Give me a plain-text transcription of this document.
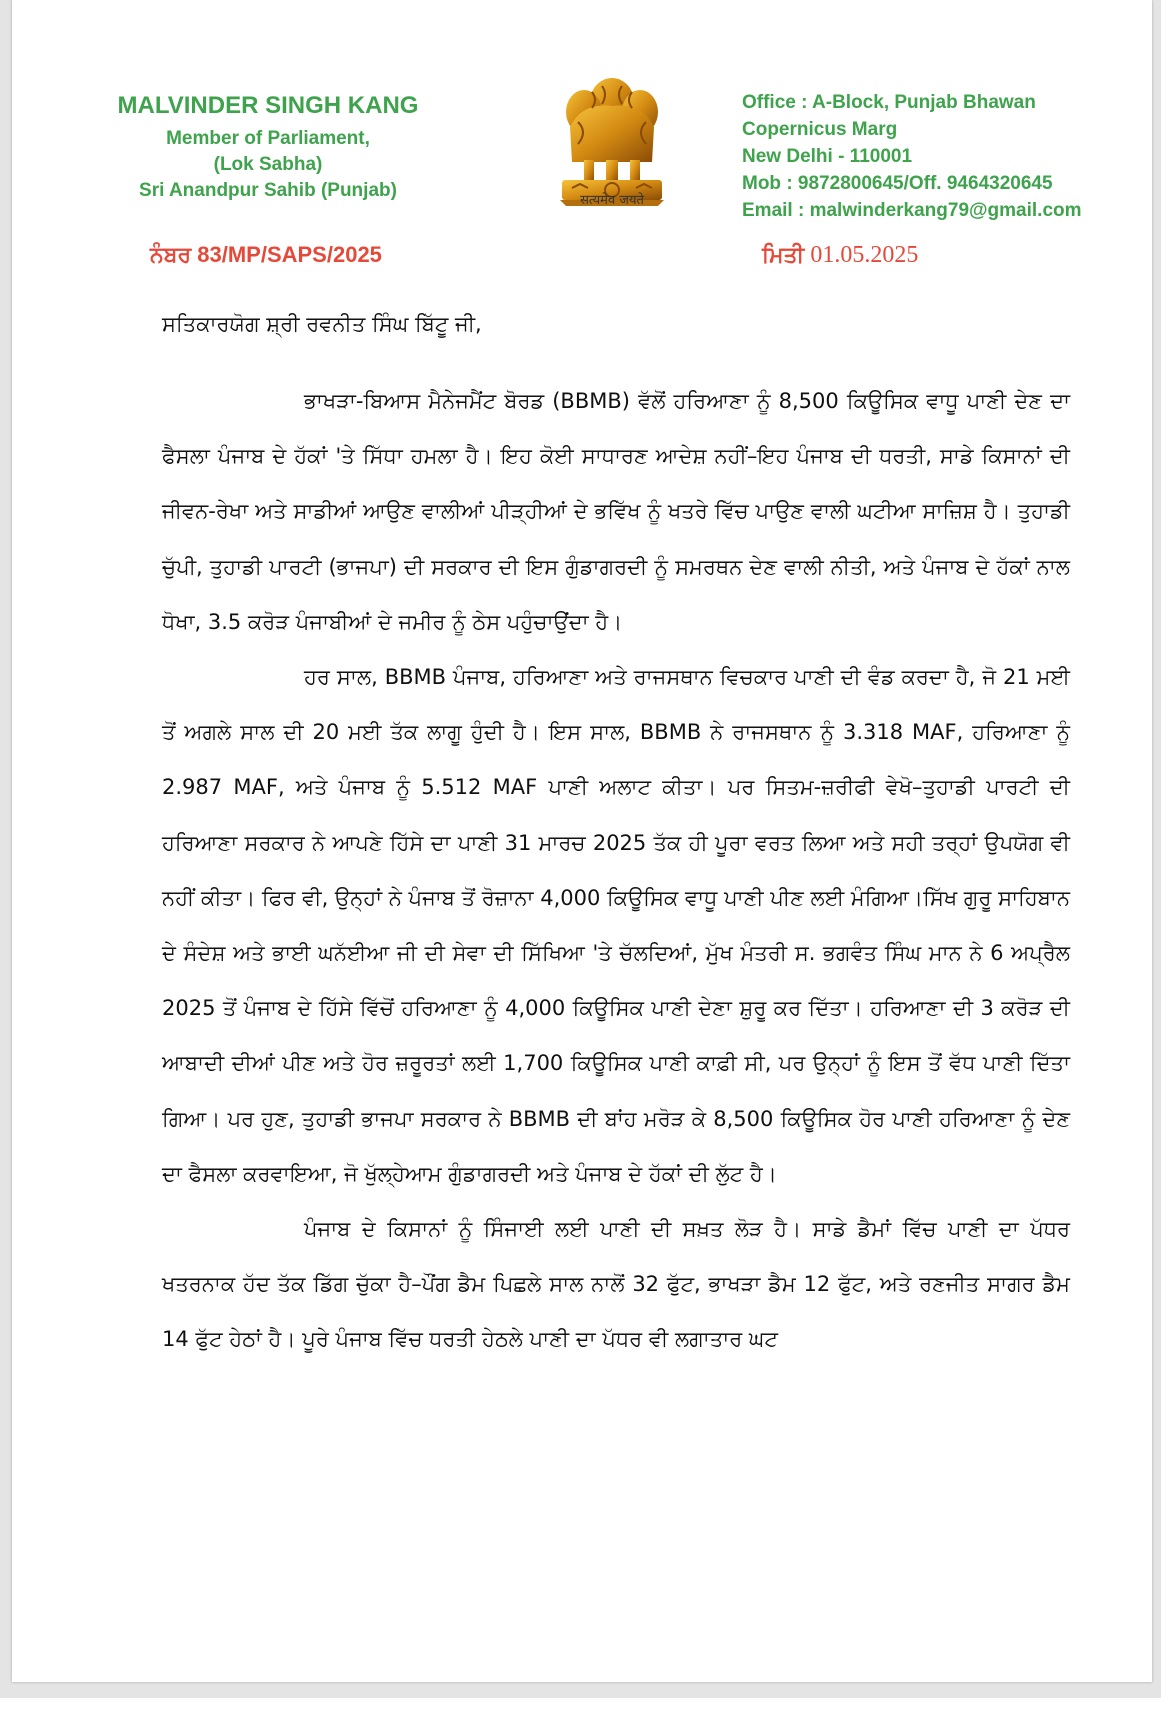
MALVINDER SINGH KANG
Member of Parliament,
(Lok Sabha)
Sri Anandpur Sahib (Punjab)	सत्यमेव जयते
Office : A-Block, Punjab Bhawan
Copernicus Marg
New Delhi - 110001
Mob : 9872800645/Off. 9464320645
Email : malwinderkang79@gmail.com
ਨੰਬਰ 83/MP/SAPS/2025	ਮਿਤੀ 01.05.2025
ਸਤਿਕਾਰਯੋਗ ਸ਼੍ਰੀ ਰਵਨੀਤ ਸਿੰਘ ਬਿੱਟੂ ਜੀ,

ਭਾਖੜਾ-ਬਿਆਸ ਮੈਨੇਜਮੈਂਟ ਬੋਰਡ (BBMB) ਵੱਲੋਂ ਹਰਿਆਣਾ ਨੂੰ 8,500 ਕਿਊਸਿਕ ਵਾਧੂ ਪਾਣੀ ਦੇਣ ਦਾ ਫੈਸਲਾ ਪੰਜਾਬ ਦੇ ਹੱਕਾਂ 'ਤੇ ਸਿੱਧਾ ਹਮਲਾ ਹੈ। ਇਹ ਕੋਈ ਸਾਧਾਰਣ ਆਦੇਸ਼ ਨਹੀਂ–ਇਹ ਪੰਜਾਬ ਦੀ ਧਰਤੀ, ਸਾਡੇ ਕਿਸਾਨਾਂ ਦੀ ਜੀਵਨ-ਰੇਖਾ ਅਤੇ ਸਾਡੀਆਂ ਆਉਣ ਵਾਲੀਆਂ ਪੀੜ੍ਹੀਆਂ ਦੇ ਭਵਿੱਖ ਨੂੰ ਖਤਰੇ ਵਿੱਚ ਪਾਉਣ ਵਾਲੀ ਘਟੀਆ ਸਾਜ਼ਿਸ਼ ਹੈ। ਤੁਹਾਡੀ ਚੁੱਪੀ, ਤੁਹਾਡੀ ਪਾਰਟੀ (ਭਾਜਪਾ) ਦੀ ਸਰਕਾਰ ਦੀ ਇਸ ਗੁੰਡਾਗਰਦੀ ਨੂੰ ਸਮਰਥਨ ਦੇਣ ਵਾਲੀ ਨੀਤੀ, ਅਤੇ ਪੰਜਾਬ ਦੇ ਹੱਕਾਂ ਨਾਲ ਧੋਖਾ, 3.5 ਕਰੋੜ ਪੰਜਾਬੀਆਂ ਦੇ ਜਮੀਰ ਨੂੰ ਠੇਸ ਪਹੁੰਚਾਉਂਦਾ ਹੈ।

ਹਰ ਸਾਲ, BBMB ਪੰਜਾਬ, ਹਰਿਆਣਾ ਅਤੇ ਰਾਜਸਥਾਨ ਵਿਚਕਾਰ ਪਾਣੀ ਦੀ ਵੰਡ ਕਰਦਾ ਹੈ, ਜੋ 21 ਮਈ ਤੋਂ ਅਗਲੇ ਸਾਲ ਦੀ 20 ਮਈ ਤੱਕ ਲਾਗੂ ਹੁੰਦੀ ਹੈ। ਇਸ ਸਾਲ, BBMB ਨੇ ਰਾਜਸਥਾਨ ਨੂੰ 3.318 MAF, ਹਰਿਆਣਾ ਨੂੰ 2.987 MAF, ਅਤੇ ਪੰਜਾਬ ਨੂੰ 5.512 MAF ਪਾਣੀ ਅਲਾਟ ਕੀਤਾ। ਪਰ ਸਿਤਮ-ਜ਼ਰੀਫੀ ਵੇਖੋ–ਤੁਹਾਡੀ ਪਾਰਟੀ ਦੀ ਹਰਿਆਣਾ ਸਰਕਾਰ ਨੇ ਆਪਣੇ ਹਿੱਸੇ ਦਾ ਪਾਣੀ 31 ਮਾਰਚ 2025 ਤੱਕ ਹੀ ਪੂਰਾ ਵਰਤ ਲਿਆ ਅਤੇ ਸਹੀ ਤਰ੍ਹਾਂ ਉਪਯੋਗ ਵੀ ਨਹੀਂ ਕੀਤਾ। ਫਿਰ ਵੀ, ਉਨ੍ਹਾਂ ਨੇ ਪੰਜਾਬ ਤੋਂ ਰੋਜ਼ਾਨਾ 4,000 ਕਿਊਸਿਕ ਵਾਧੂ ਪਾਣੀ ਪੀਣ ਲਈ ਮੰਗਿਆ।ਸਿੱਖ ਗੁਰੂ ਸਾਹਿਬਾਨ ਦੇ ਸੰਦੇਸ਼ ਅਤੇ ਭਾਈ ਘਨੱਈਆ ਜੀ ਦੀ ਸੇਵਾ ਦੀ ਸਿੱਖਿਆ 'ਤੇ ਚੱਲਦਿਆਂ, ਮੁੱਖ ਮੰਤਰੀ ਸ. ਭਗਵੰਤ ਸਿੰਘ ਮਾਨ ਨੇ 6 ਅਪ੍ਰੈਲ 2025 ਤੋਂ ਪੰਜਾਬ ਦੇ ਹਿੱਸੇ ਵਿੱਚੋਂ ਹਰਿਆਣਾ ਨੂੰ 4,000 ਕਿਊਸਿਕ ਪਾਣੀ ਦੇਣਾ ਸ਼ੁਰੂ ਕਰ ਦਿੱਤਾ। ਹਰਿਆਣਾ ਦੀ 3 ਕਰੋੜ ਦੀ ਆਬਾਦੀ ਦੀਆਂ ਪੀਣ ਅਤੇ ਹੋਰ ਜ਼ਰੂਰਤਾਂ ਲਈ 1,700 ਕਿਊਸਿਕ ਪਾਣੀ ਕਾਫ਼ੀ ਸੀ, ਪਰ ਉਨ੍ਹਾਂ ਨੂੰ ਇਸ ਤੋਂ ਵੱਧ ਪਾਣੀ ਦਿੱਤਾ ਗਿਆ। ਪਰ ਹੁਣ, ਤੁਹਾਡੀ ਭਾਜਪਾ ਸਰਕਾਰ ਨੇ BBMB ਦੀ ਬਾਂਹ ਮਰੋੜ ਕੇ 8,500 ਕਿਊਸਿਕ ਹੋਰ ਪਾਣੀ ਹਰਿਆਣਾ ਨੂੰ ਦੇਣ ਦਾ ਫੈਸਲਾ ਕਰਵਾਇਆ, ਜੋ ਖੁੱਲ੍ਹੇਆਮ ਗੁੰਡਾਗਰਦੀ ਅਤੇ ਪੰਜਾਬ ਦੇ ਹੱਕਾਂ ਦੀ ਲੁੱਟ ਹੈ।

ਪੰਜਾਬ ਦੇ ਕਿਸਾਨਾਂ ਨੂੰ ਸਿੰਜਾਈ ਲਈ ਪਾਣੀ ਦੀ ਸਖ਼ਤ ਲੋੜ ਹੈ। ਸਾਡੇ ਡੈਮਾਂ ਵਿੱਚ ਪਾਣੀ ਦਾ ਪੱਧਰ ਖਤਰਨਾਕ ਹੱਦ ਤੱਕ ਡਿੱਗ ਚੁੱਕਾ ਹੈ–ਪੌਂਗ ਡੈਮ ਪਿਛਲੇ ਸਾਲ ਨਾਲੋਂ 32 ਫੁੱਟ, ਭਾਖੜਾ ਡੈਮ 12 ਫੁੱਟ, ਅਤੇ ਰਣਜੀਤ ਸਾਗਰ ਡੈਮ 14 ਫੁੱਟ ਹੇਠਾਂ ਹੈ। ਪੂਰੇ ਪੰਜਾਬ ਵਿੱਚ ਧਰਤੀ ਹੇਠਲੇ ਪਾਣੀ ਦਾ ਪੱਧਰ ਵੀ ਲਗਾਤਾਰ ਘਟ
